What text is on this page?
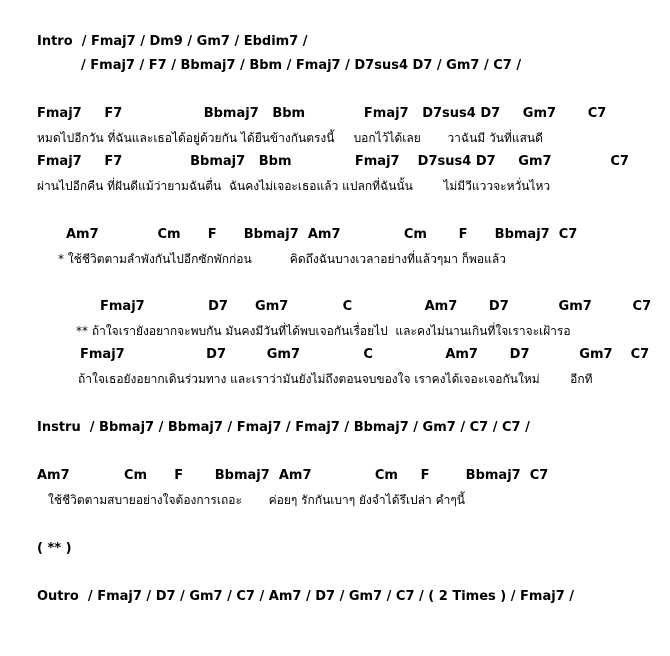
Intro  / Fmaj7 / Dm9 / Gm7 / Ebdim7 /
/ Fmaj7 / F7 / Bbmaj7 / Bbm / Fmaj7 / D7sus4 D7 / Gm7 / C7 /
Fmaj7     F7                  Bbmaj7   Bbm             Fmaj7   D7sus4 D7     Gm7       C7
หมดไปอีกวัน ที่ฉันและเธอได้อยู่ด้วยกัน ได้ยืนข้างกันตรงนี้     บอกไว้ได้เลย       วาฉันมี วันที่แสนดี
Fmaj7     F7               Bbmaj7   Bbm              Fmaj7    D7sus4 D7     Gm7             C7
ผ่านไปอีกคืน ที่ฝันดีแม้ว่ายามฉันตื่น  ฉันคงไม่เจอะเธอแล้ว แปลกที่ฉันนั้น        ไม่มีวีแววจะหวั่นไหว
Am7             Cm      F      Bbmaj7  Am7              Cm       F      Bbmaj7  C7
* ใช้ชีวิตตามลำพังกันไปอีกซักพักก่อน          คิดถึงฉันบางเวลาอย่างที่แล้วๆมา ก็พอแล้ว
Fmaj7              D7      Gm7            C                Am7       D7           Gm7         C7
** ถ้าใจเรายังอยากจะพบกัน มันคงมีวันที่ได้พบเจอกันเรื่อยไป  และคงไม่นานเกินที่ใจเราจะเฝ้ารอ
Fmaj7                  D7         Gm7              C                Am7       D7           Gm7    C7
ถ้าใจเธอยังอยากเดินร่วมทาง และเราว่ามันยังไม่ถึงตอนจบของใจ เราคงได้เจอะเจอกันใหม่        อีกที
Instru  / Bbmaj7 / Bbmaj7 / Fmaj7 / Fmaj7 / Bbmaj7 / Gm7 / C7 / C7 /
Am7            Cm      F       Bbmaj7  Am7              Cm     F        Bbmaj7  C7
ใช้ชีวิตตามสบายอย่างใจต้องการเถอะ       ค่อยๆ รักกันเบาๆ ยังจำได้รึเปล่า คำๆนี้
( ** )
Outro  / Fmaj7 / D7 / Gm7 / C7 / Am7 / D7 / Gm7 / C7 / ( 2 Times ) / Fmaj7 /
